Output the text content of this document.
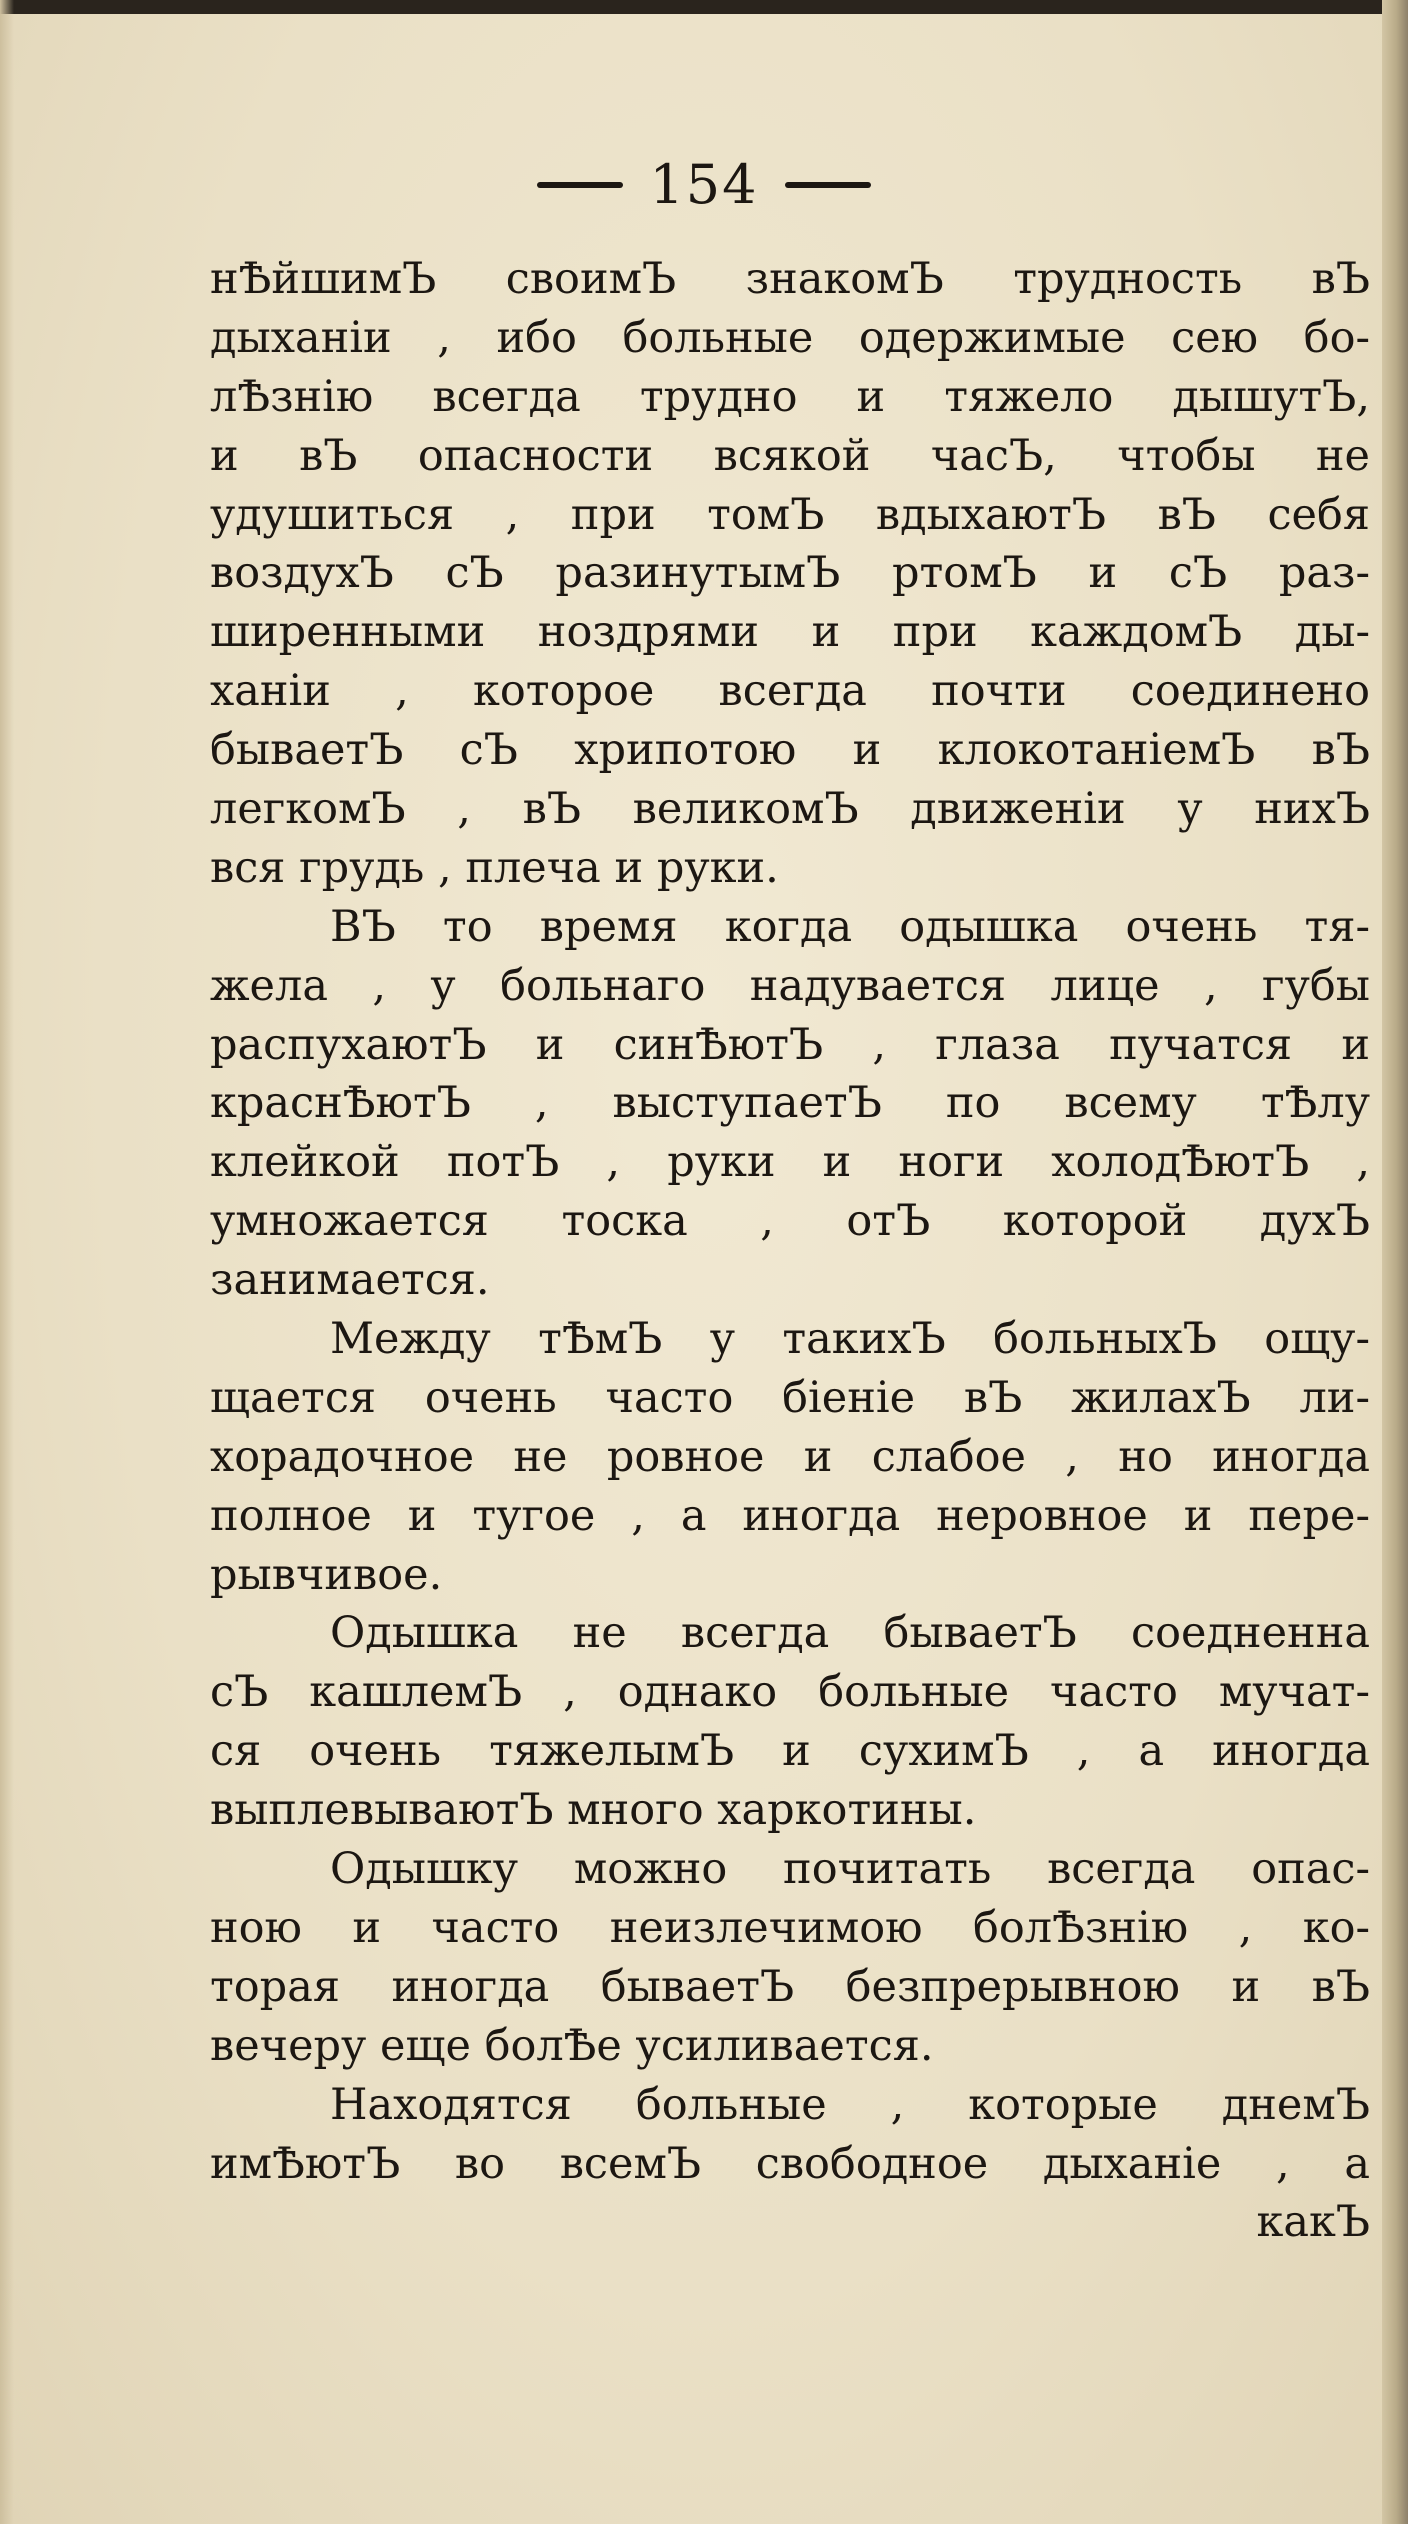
154
нѢйшимЪ своимЪ знакомЪ трудность вЪ
дыханiи , ибо больные одержимые сею бо-
лѢзнiю всегда трудно и тяжело дышутЪ,
и вЪ опасности всякой часЪ, чтобы не
удушиться , при томЪ вдыхаютЪ вЪ себя
воздухЪ сЪ разинутымЪ ртомЪ и сЪ раз-
ширенными ноздрями и при каждомЪ ды-
ханiи , которое всегда почти соединено
бываетЪ сЪ хрипотою и клокотанiемЪ вЪ
легкомЪ , вЪ великомЪ движенiи у нихЪ
вся грудь , плеча и руки.
ВЪ то время когда одышка очень тя-
жела , у больнаго надувается лице , губы
распухаютЪ и синѢютЪ , глаза пучатся и
краснѢютЪ , выступаетЪ по всему тѢлу
клейкой потЪ , руки и ноги холодѢютЪ ,
умножается тоска , отЪ которой духЪ
занимается.
Между тѢмЪ у такихЪ больныхЪ ощу-
щается очень часто бiенiе вЪ жилахЪ ли-
хорадочное не ровное и слабое , но иногда
полное и тугое , а иногда неровное и пере-
рывчивое.
Одышка не всегда бываетЪ соедненна
сЪ кашлемЪ , однако больные часто мучат-
ся очень тяжелымЪ и сухимЪ , а иногда
выплевываютЪ много харкотины.
Одышку можно почитать всегда опас-
ною и часто неизлечимою болѢзнiю , ко-
торая иногда бываетЪ безпрерывною и вЪ
вечеру еще болѢе усиливается.
Находятся больные , которые днемЪ
имѢютЪ во всемЪ свободное дыханiе , а
какЪ
